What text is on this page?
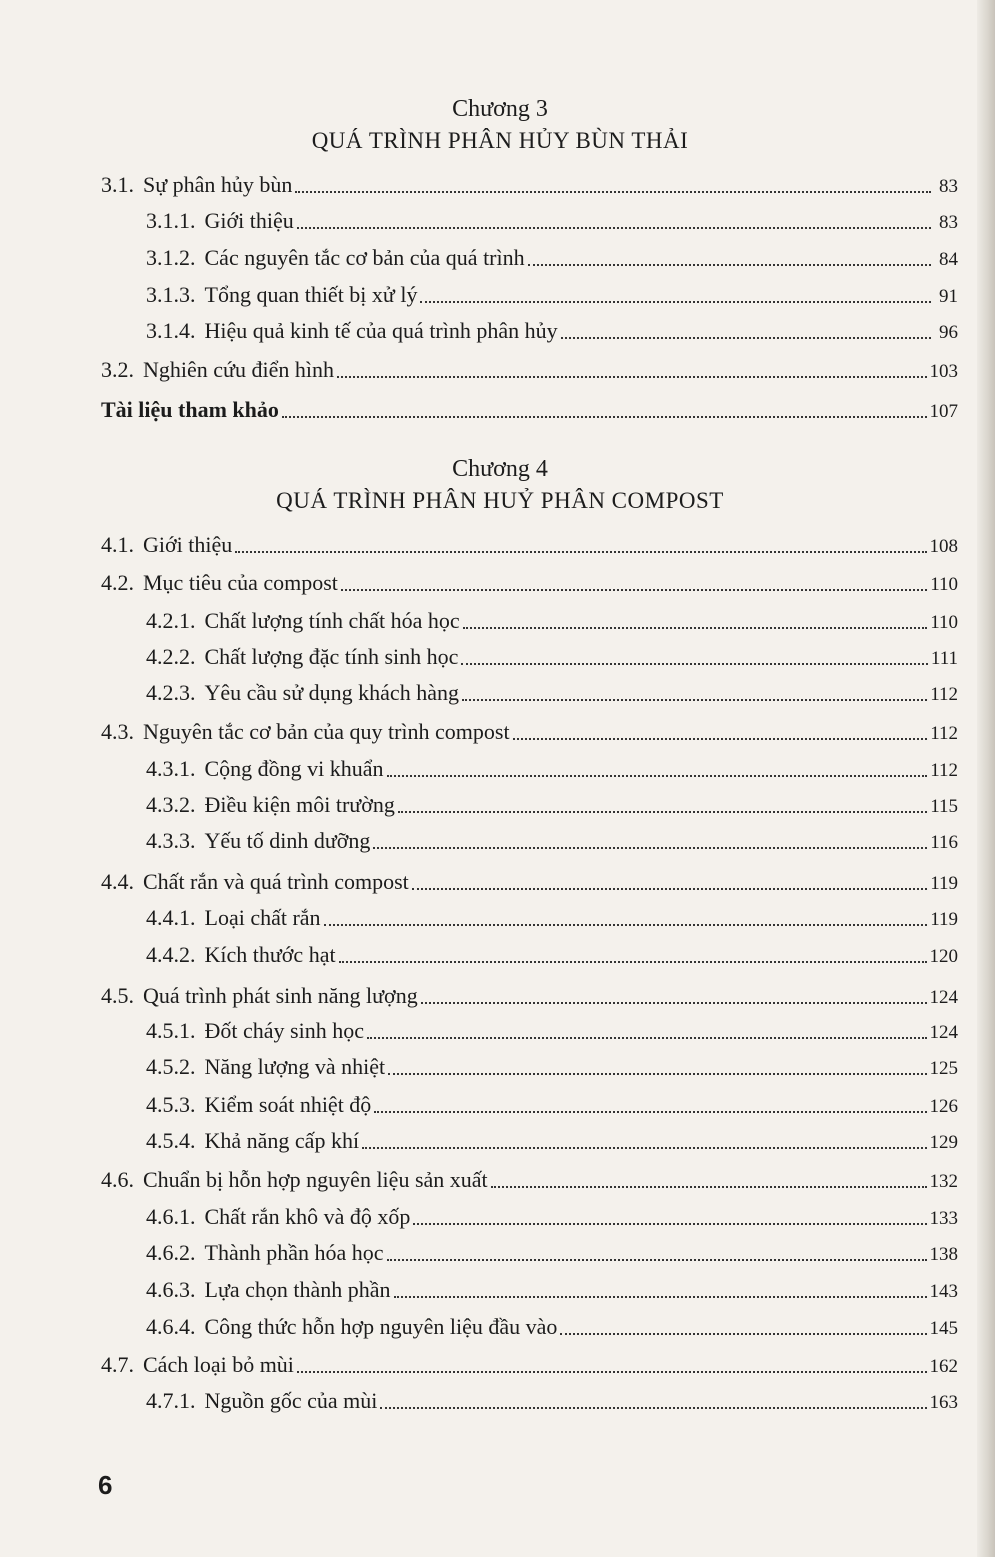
Chương 3
QUÁ TRÌNH PHÂN HỦY BÙN THẢI
3.1. Sự phân hủy bùn	83
3.1.1. Giới thiệu	83
3.1.2. Các nguyên tắc cơ bản của quá trình	84
3.1.3. Tổng quan thiết bị xử lý	91
3.1.4. Hiệu quả kinh tế của quá trình phân hủy	96
3.2. Nghiên cứu điển hình	103
Tài liệu tham khảo	107
Chương 4
QUÁ TRÌNH PHÂN HUỶ PHÂN COMPOST
4.1. Giới thiệu	108
4.2. Mục tiêu của compost	110
4.2.1. Chất lượng tính chất hóa học	110
4.2.2. Chất lượng đặc tính sinh học	111
4.2.3. Yêu cầu sử dụng khách hàng	112
4.3. Nguyên tắc cơ bản của quy trình compost	112
4.3.1. Cộng đồng vi khuẩn	112
4.3.2. Điều kiện môi trường	115
4.3.3. Yếu tố dinh dưỡng	116
4.4. Chất rắn và quá trình compost	119
4.4.1. Loại chất rắn	119
4.4.2. Kích thước hạt	120
4.5. Quá trình phát sinh năng lượng	124
4.5.1. Đốt cháy sinh học	124
4.5.2. Năng lượng và nhiệt	125
4.5.3. Kiểm soát nhiệt độ	126
4.5.4. Khả năng cấp khí	129
4.6. Chuẩn bị hỗn hợp nguyên liệu sản xuất	132
4.6.1. Chất rắn khô và độ xốp	133
4.6.2. Thành phần hóa học	138
4.6.3. Lựa chọn thành phần	143
4.6.4. Công thức hỗn hợp nguyên liệu đầu vào	145
4.7. Cách loại bỏ mùi	162
4.7.1. Nguồn gốc của mùi	163
6
